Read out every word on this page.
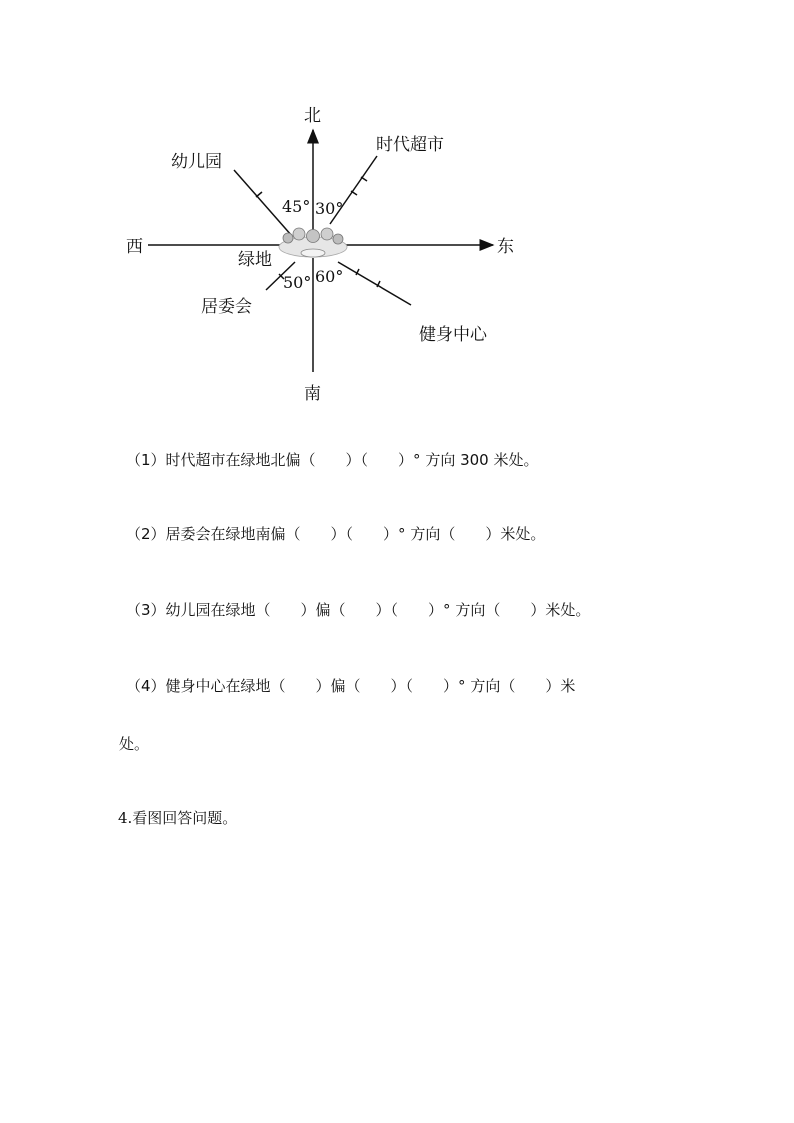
北
南
东
西
时代超市
幼儿园
绿地
居委会
健身中心
45° 30°
50° 60°
（1）时代超市在绿地北偏（　　）（　　）° 方向 300 米处。
（2）居委会在绿地南偏（　　）（　　）° 方向（　　）米处。
（3）幼儿园在绿地（　　）偏（　　）（　　）° 方向（　　）米处。
（4）健身中心在绿地（　　）偏（　　）（　　）° 方向（　　）米
处。
4.看图回答问题。
